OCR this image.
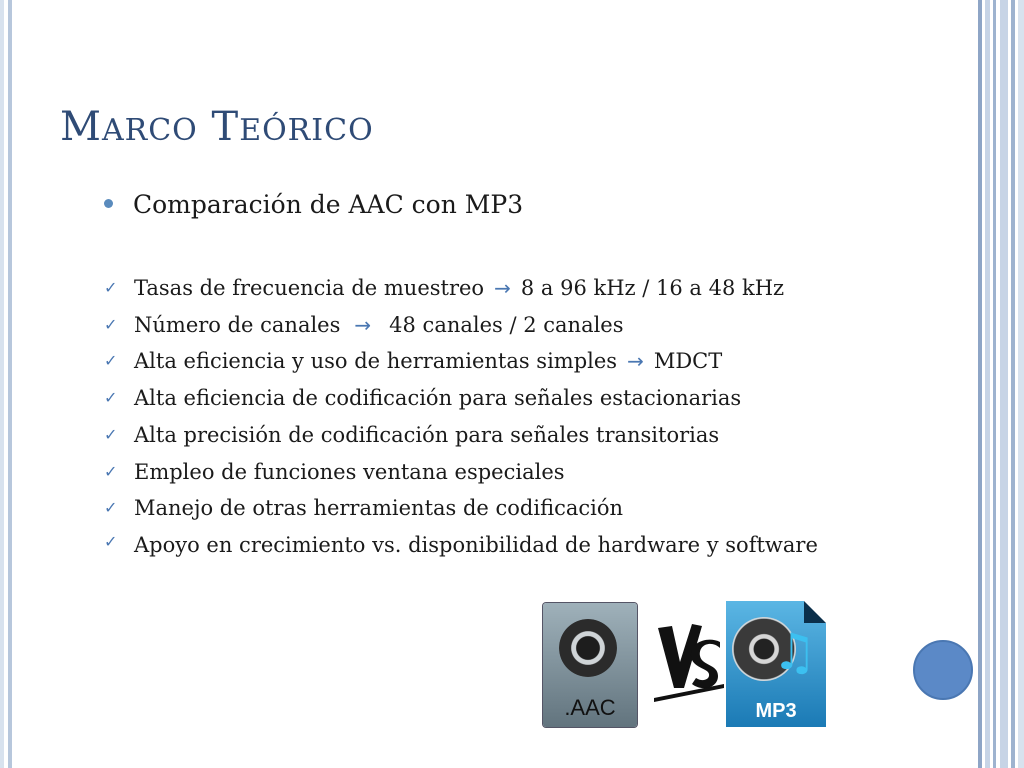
MARCO TEÓRICO
Comparación de AAC con MP3
✓ Tasas de frecuencia de muestreo → 8 a 96 kHz / 16 a 48 kHz
✓ Número de canales → 48 canales / 2 canales
✓ Alta eficiencia y uso de herramientas simples → MDCT
✓ Alta eficiencia de codificación para señales estacionarias
✓ Alta precisión de codificación para señales transitorias
✓ Empleo de funciones ventana especiales
✓ Manejo de otras herramientas de codificación
✓ Apoyo en crecimiento vs. disponibilidad de hardware y software
.AAC
♫
MP3
